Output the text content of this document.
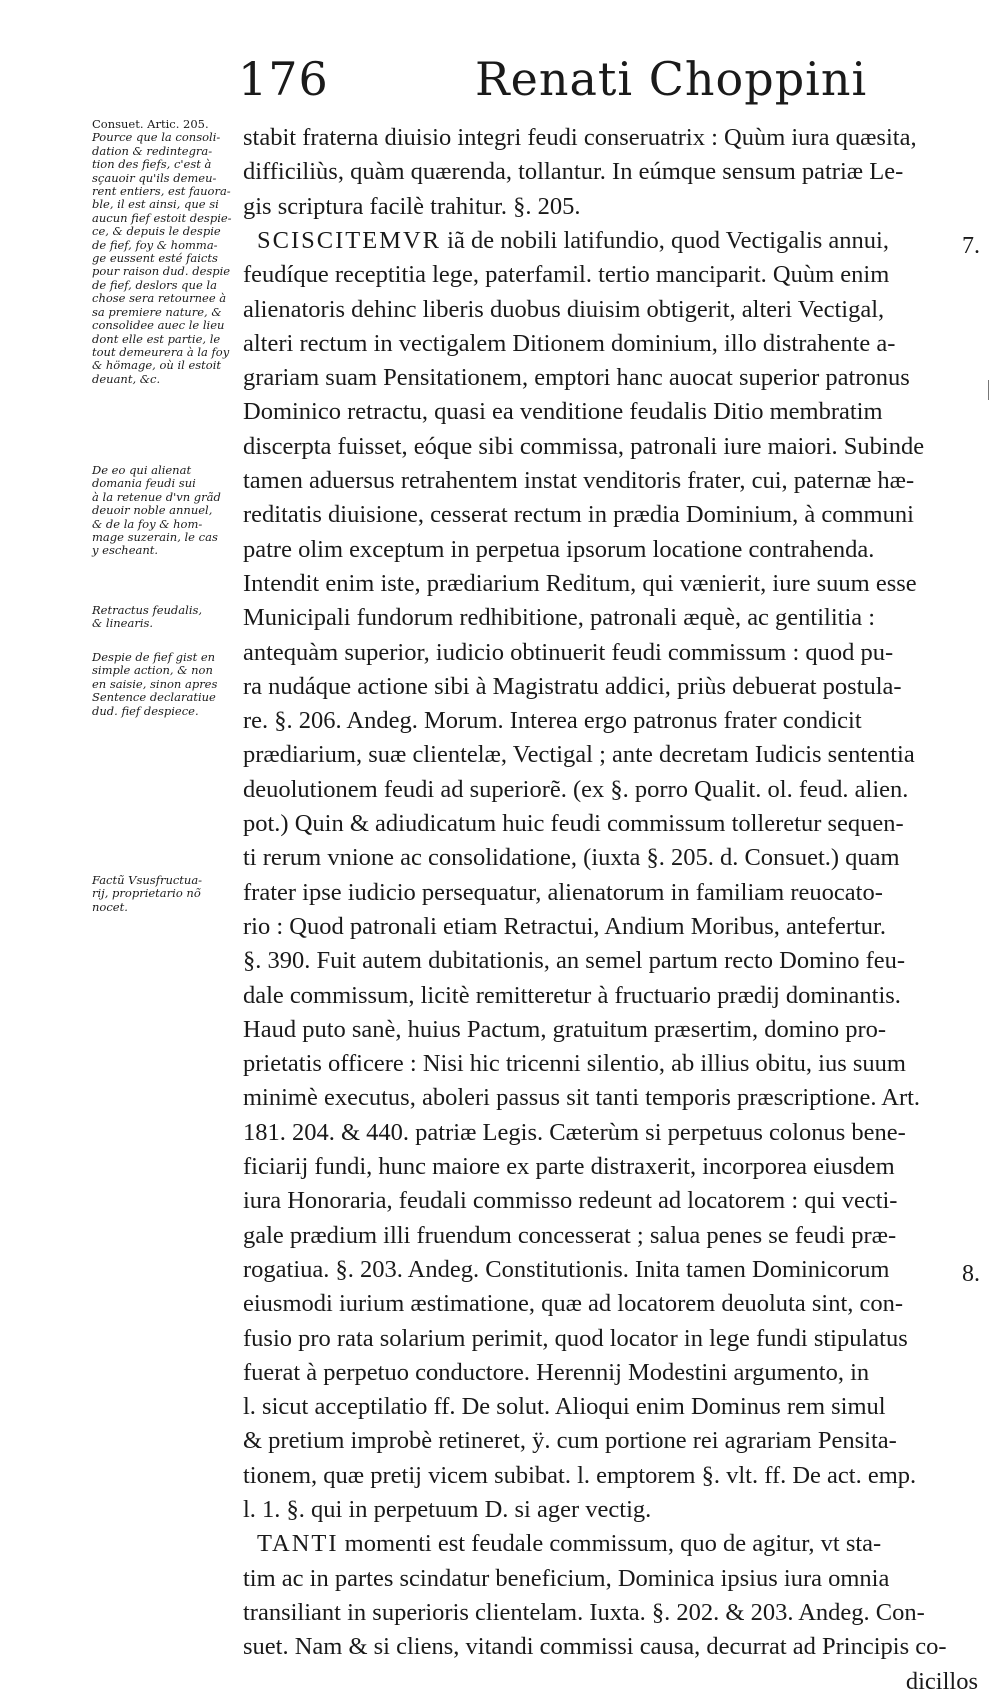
176	Renati Choppini
Consuet. Artic. 205.
Pource que la consoli-
dation & redintegra-
tion des fiefs, c'est à
sçauoir qu'ils demeu-
rent entiers, est fauora-
ble, il est ainsi, que si
aucun fief estoit despie-
ce, & depuis le despie
de fief, foy & homma-
ge eussent esté faicts
pour raison dud. despie
de fief, deslors que la
chose sera retournee à
sa premiere nature, &
consolidee auec le lieu
dont elle est partie, le
tout demeurera à la foy
& hömage, où il estoit
deuant, &c.
De eo qui alienat
domania feudi sui
à la retenue d'vn grãd
deuoir noble annuel,
& de la foy & hom-
mage suzerain, le cas
y escheant.
Retractus feudalis,
& linearis.
Despie de fief gist en
simple action, & non
en saisie, sinon apres
Sentence declaratiue
dud. fief despiece.
Factũ Vsusfructua-
rij, proprietario nõ
nocet.
stabit fraterna diuisio integri feudi conseruatrix : Quùm iura quæsita,
difficiliùs, quàm quærenda, tollantur. In eúmque sensum patriæ Le-
gis scriptura facilè trahitur. §. 205.
SCISCITEMVR iã de nobili latifundio, quod Vectigalis annui,
feudíque receptitia lege, paterfamil. tertio manciparit. Quùm enim
alienatoris dehinc liberis duobus diuisim obtigerit, alteri Vectigal,
alteri rectum in vectigalem Ditionem dominium, illo distrahente a-
grariam suam Pensitationem, emptori hanc auocat superior patronus
Dominico retractu, quasi ea venditione feudalis Ditio membratim
discerpta fuisset, eóque sibi commissa, patronali iure maiori. Subinde
tamen aduersus retrahentem instat venditoris frater, cui, paternæ hæ-
reditatis diuisione, cesserat rectum in prædia Dominium, à communi
patre olim exceptum in perpetua ipsorum locatione contrahenda.
Intendit enim iste, prædiarium Reditum, qui vænierit, iure suum esse
Municipali fundorum redhibitione, patronali æquè, ac gentilitia :
antequàm superior, iudicio obtinuerit feudi commissum : quod pu-
ra nudáque actione sibi à Magistratu addici, priùs debuerat postula-
re. §. 206. Andeg. Morum. Interea ergo patronus frater condicit
prædiarium, suæ clientelæ, Vectigal ; ante decretam Iudicis sententia
deuolutionem feudi ad superiorẽ. (ex §. porro Qualit. ol. feud. alien.
pot.) Quin & adiudicatum huic feudi commissum tolleretur sequen-
ti rerum vnione ac consolidatione, (iuxta §. 205. d. Consuet.) quam
frater ipse iudicio persequatur, alienatorum in familiam reuocato-
rio : Quod patronali etiam Retractui, Andium Moribus, antefertur.
§. 390. Fuit autem dubitationis, an semel partum recto Domino feu-
dale commissum, licitè remitteretur à fructuario prædij dominantis.
Haud puto sanè, huius Pactum, gratuitum præsertim, domino pro-
prietatis officere : Nisi hic tricenni silentio, ab illius obitu, ius suum
minimè executus, aboleri passus sit tanti temporis præscriptione. Art.
181. 204. & 440. patriæ Legis. Cæterùm si perpetuus colonus bene-
ficiarij fundi, hunc maiore ex parte distraxerit, incorporea eiusdem
iura Honoraria, feudali commisso redeunt ad locatorem : qui vecti-
gale prædium illi fruendum concesserat ; salua penes se feudi præ-
rogatiua. §. 203. Andeg. Constitutionis. Inita tamen Dominicorum
eiusmodi iurium æstimatione, quæ ad locatorem deuoluta sint, con-
fusio pro rata solarium perimit, quod locator in lege fundi stipulatus
fuerat à perpetuo conductore. Herennij Modestini argumento, in
l. sicut acceptilatio ff. De solut. Alioqui enim Dominus rem simul
& pretium improbè retineret, ÿ. cum portione rei agrariam Pensita-
tionem, quæ pretij vicem subibat. l. emptorem §. vlt. ff. De act. emp.
l. 1. §. qui in perpetuum D. si ager vectig.
TANTI momenti est feudale commissum, quo de agitur, vt sta-
tim ac in partes scindatur beneficium, Dominica ipsius iura omnia
transiliant in superioris clientelam. Iuxta. §. 202. & 203. Andeg. Con-
suet. Nam & si cliens, vitandi commissi causa, decurrat ad Principis co-
dicillos
7.
8.
